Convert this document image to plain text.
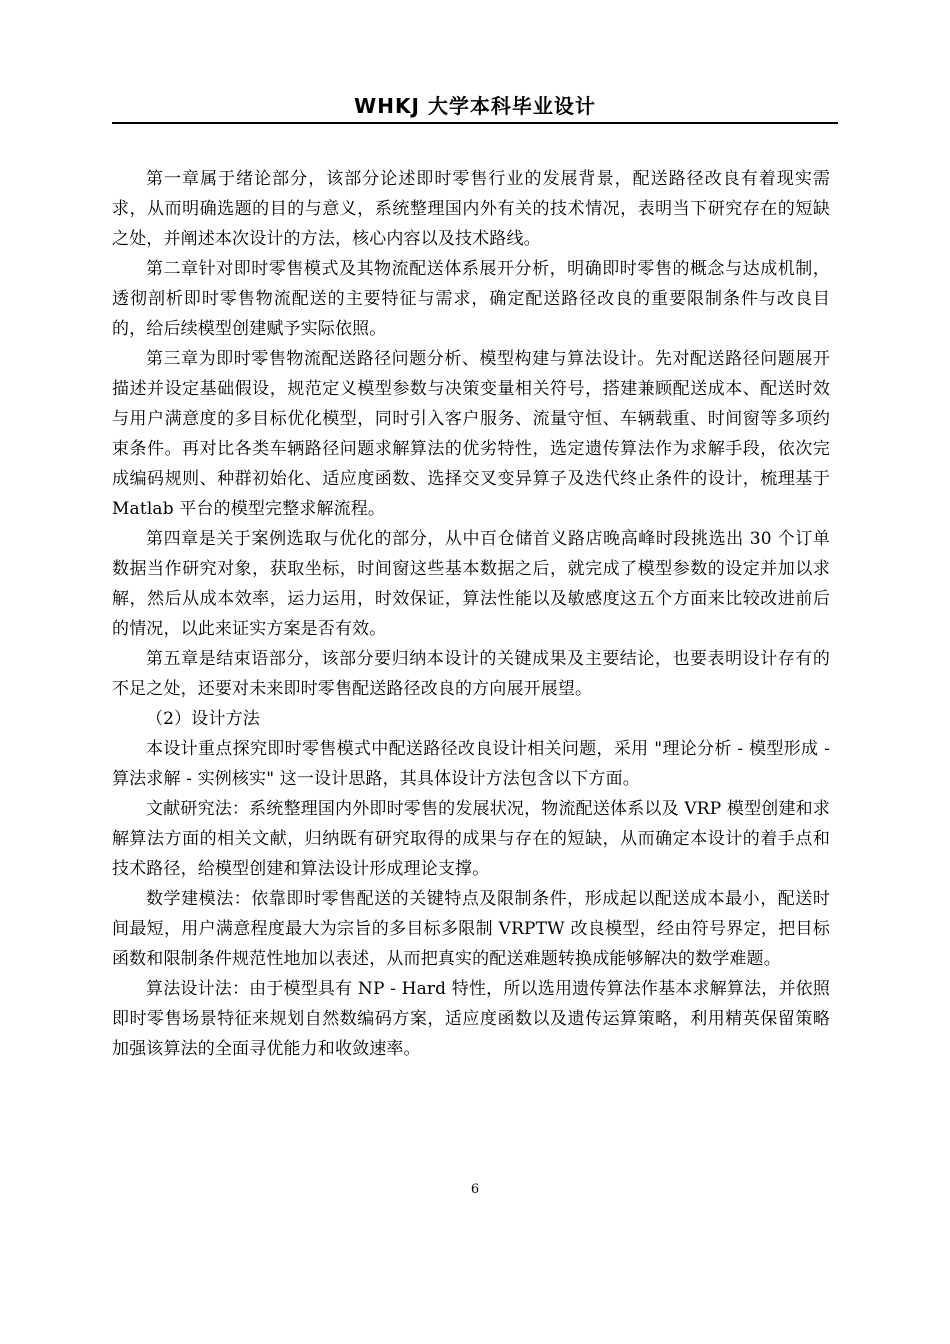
WHKJ 大学本科毕业设计

第一章属于绪论部分，该部分论述即时零售行业的发展背景，配送路径改良有着现实需求，从而明确选题的目的与意义，系统整理国内外有关的技术情况，表明当下研究存在的短缺之处，并阐述本次设计的方法，核心内容以及技术路线。

第二章针对即时零售模式及其物流配送体系展开分析，明确即时零售的概念与达成机制，透彻剖析即时零售物流配送的主要特征与需求，确定配送路径改良的重要限制条件与改良目的，给后续模型创建赋予实际依照。

第三章为即时零售物流配送路径问题分析、模型构建与算法设计。先对配送路径问题展开描述并设定基础假设，规范定义模型参数与决策变量相关符号，搭建兼顾配送成本、配送时效与用户满意度的多目标优化模型，同时引入客户服务、流量守恒、车辆载重、时间窗等多项约束条件。再对比各类车辆路径问题求解算法的优劣特性，选定遗传算法作为求解手段，依次完成编码规则、种群初始化、适应度函数、选择交叉变异算子及迭代终止条件的设计，梳理基于 Matlab 平台的模型完整求解流程。

第四章是关于案例选取与优化的部分，从中百仓储首义路店晚高峰时段挑选出 30 个订单数据当作研究对象，获取坐标，时间窗这些基本数据之后，就完成了模型参数的设定并加以求解，然后从成本效率，运力运用，时效保证，算法性能以及敏感度这五个方面来比较改进前后的情况，以此来证实方案是否有效。

第五章是结束语部分，该部分要归纳本设计的关键成果及主要结论，也要表明设计存有的不足之处，还要对未来即时零售配送路径改良的方向展开展望。

（2）设计方法

本设计重点探究即时零售模式中配送路径改良设计相关问题，采用 "理论分析 - 模型形成 - 算法求解 - 实例核实" 这一设计思路，其具体设计方法包含以下方面。

文献研究法：系统整理国内外即时零售的发展状况，物流配送体系以及 VRP 模型创建和求解算法方面的相关文献，归纳既有研究取得的成果与存在的短缺，从而确定本设计的着手点和技术路径，给模型创建和算法设计形成理论支撑。

数学建模法：依靠即时零售配送的关键特点及限制条件，形成起以配送成本最小，配送时间最短，用户满意程度最大为宗旨的多目标多限制 VRPTW 改良模型，经由符号界定，把目标函数和限制条件规范性地加以表述，从而把真实的配送难题转换成能够解决的数学难题。

算法设计法：由于模型具有 NP - Hard 特性，所以选用遗传算法作基本求解算法，并依照即时零售场景特征来规划自然数编码方案，适应度函数以及遗传运算策略，利用精英保留策略加强该算法的全面寻优能力和收敛速率。

6
